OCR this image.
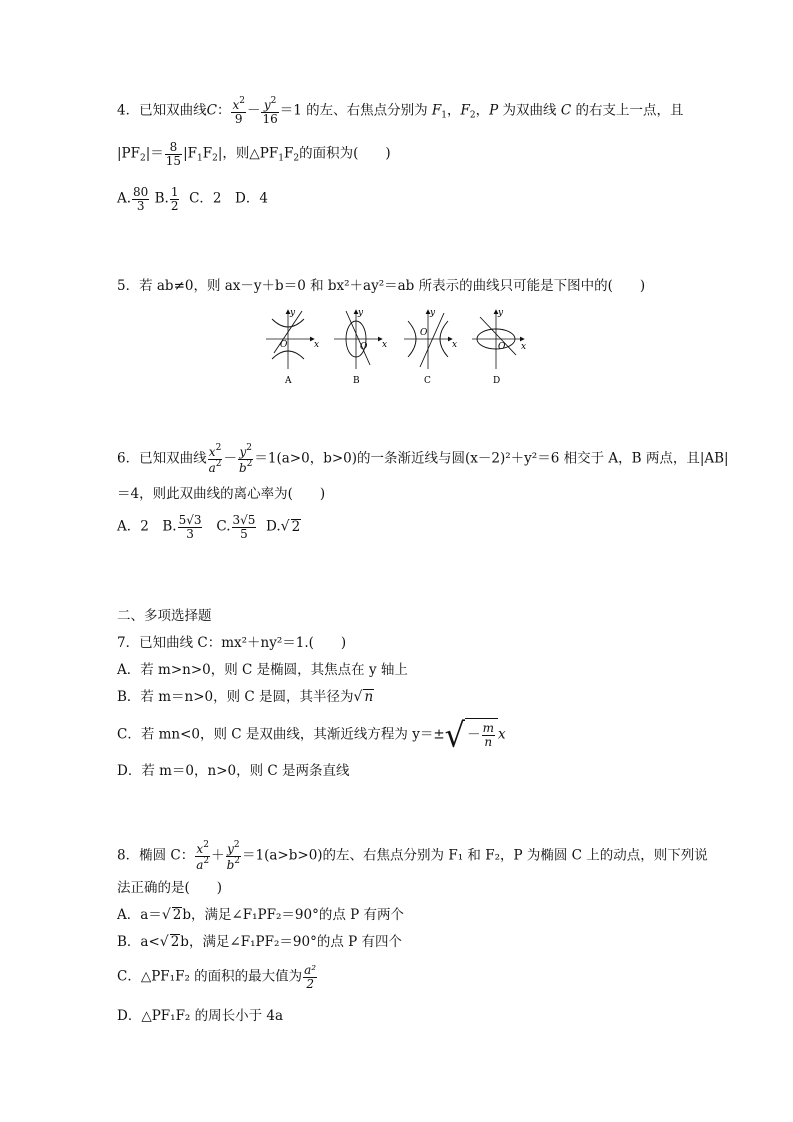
4．已知双曲线C： $\frac{x^2}{9} - \frac{y^2}{16} =1$ 的左、右焦点分别为 $F_1$，$F_2$，P 为双曲线 C 的右支上一点，且
$|PF_2|= \frac{8}{15} |F_1F_2|$，则$\triangle PF_1F_2$的面积为(　　)
A. $\frac{80}{3} B$. $\frac{1}{2}$ C．2　D．4
5．若 ab≠0，则 ax－y＋b＝0 和 bx²＋ay²＝ab 所表示的曲线只可能是下图中的(　　)
O	x
y
A
O x
y
B
O
x
y
C
O x
y
D
6．已知双曲线 $\frac{x^2}{a^2} - \frac{y^2}{b^2} =1(a>0$，b>0)的一条渐近线与圆(x－2)²＋y²＝6 相交于 A，B 两点，且|AB|
＝4，则此双曲线的离心率为(　　)
A．2　B. $\frac{5√3}{3} C$. $\frac{3√5}{5} D.√$ 2
二、多项选择题
7．已知曲线 C：mx²＋ny²＝1.(　　)
A．若 m>n>0，则 C 是椭圆，其焦点在 y 轴上
B．若 m＝n>0，则 C 是圆，其半径为√ n
C．若 mn<0，则 C 是双曲线，其渐近线方程为 y＝± √ － $\frac{m}{n}$ x
D．若 m＝0，n>0，则 C 是两条直线
8．椭圆 C： $\frac{x^2}{a^2} + \frac{y^2}{b^2} =1(a>b>0)$的左、右焦点分别为 F₁ 和 F₂，P 为椭圆 C 上的动点，则下列说
法正确的是(　　)
A．a＝√ 2b，满足∠F₁PF₂＝90°的点 P 有两个
B．a<√ 2b，满足∠F₁PF₂＝90°的点 P 有四个
C．△PF₁F₂ 的面积的最大值为 $\frac{\text{a²}}{2}$
D．△PF₁F₂ 的周长小于 4a
